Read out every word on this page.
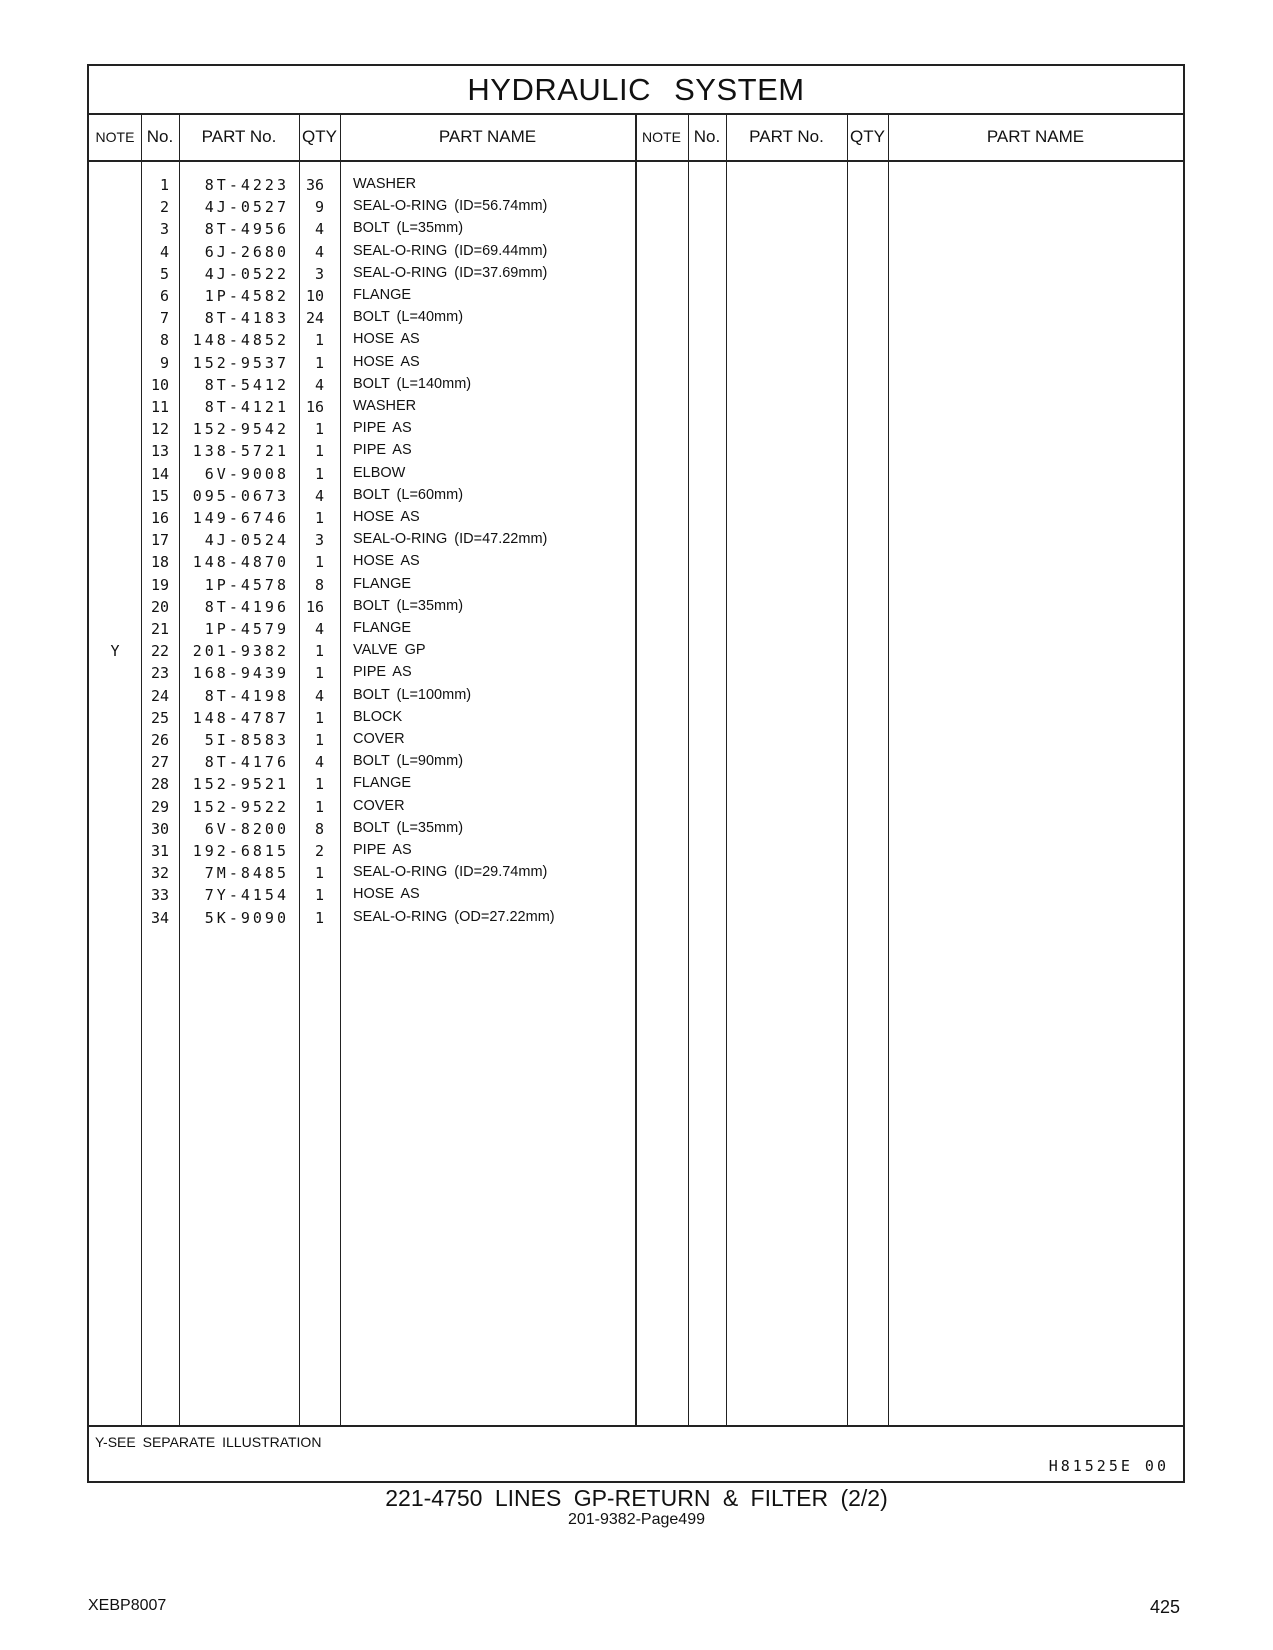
HYDRAULIC SYSTEM
NOTE No.	PART No.	QTY	PART NAME	NOTE No.	PART No.	QTY	PART NAME
1	8T-4223	36 WASHER
2	4J-0527	9 SEAL-O-RING (ID=56.74mm)
3	8T-4956	4 BOLT (L=35mm)
4	6J-2680	4 SEAL-O-RING (ID=69.44mm)
5	4J-0522	3 SEAL-O-RING (ID=37.69mm)
6	1P-4582	10 FLANGE
7	8T-4183	24 BOLT (L=40mm)
8	148-4852	1 HOSE AS
9	152-9537	1 HOSE AS
10	8T-5412	4 BOLT (L=140mm)
11	8T-4121	16 WASHER
12	152-9542	1 PIPE AS
13	138-5721	1 PIPE AS
14	6V-9008	1 ELBOW
15	095-0673	4 BOLT (L=60mm)
16	149-6746	1 HOSE AS
17	4J-0524	3 SEAL-O-RING (ID=47.22mm)
18	148-4870	1 HOSE AS
19	1P-4578	8 FLANGE
20	8T-4196	16 BOLT (L=35mm)
21	1P-4579	4 FLANGE
Y	22	201-9382	1 VALVE GP
23	168-9439	1 PIPE AS
24	8T-4198	4 BOLT (L=100mm)
25	148-4787	1 BLOCK
26	5I-8583	1 COVER
27	8T-4176	4 BOLT (L=90mm)
28	152-9521	1 FLANGE
29	152-9522	1 COVER
30	6V-8200	8 BOLT (L=35mm)
31	192-6815	2 PIPE AS
32	7M-8485	1 SEAL-O-RING (ID=29.74mm)
33	7Y-4154	1 HOSE AS
34	5K-9090	1 SEAL-O-RING (OD=27.22mm)
Y-SEE SEPARATE ILLUSTRATION
H81525E 00
221-4750 LINES GP-RETURN & FILTER (2/2)
201-9382-Page499
XEBP8007	425
